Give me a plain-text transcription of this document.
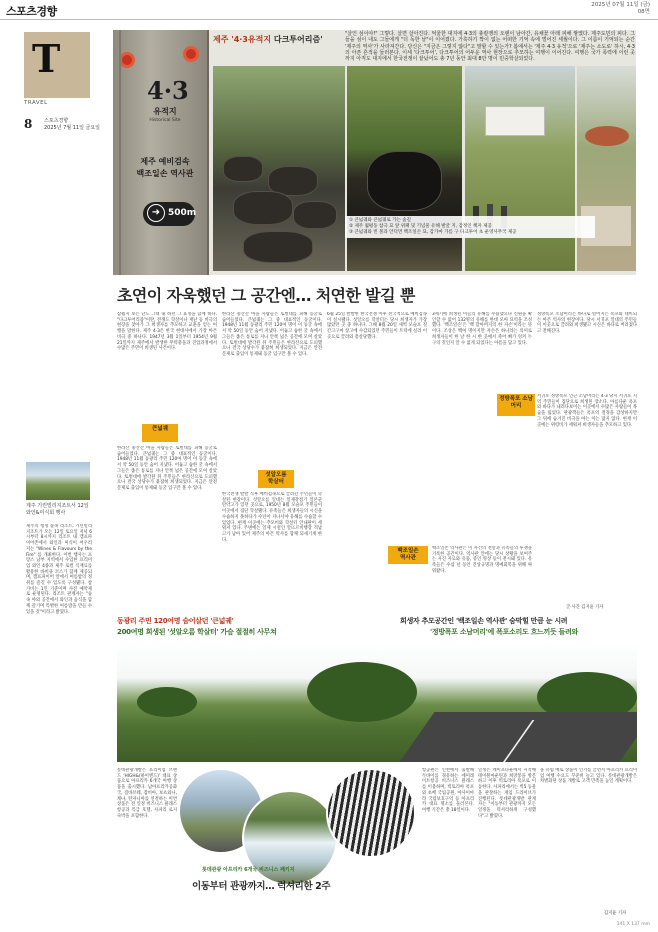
스포츠경향	2025년 07월 11일 (금)
08면
T
TRAVEL
8 스포츠경향
2025년 7월 11일 금요일
4·3
유적지
Historical Site
제주 예비검속
백조일손 역사관
➜ 500m
제주 '4·3유적지 다크투어리즘'
"살인 섬이야!" 그렇다. 살면 살아진다. 억울한 대지에 4·3의 총칼쟁의 오랜이 남아간, 유채꽃 아래 피해 쌓였다. 제주도민의 피다. 그들을 섬이 내도 그들에게 "더 독한 날"이 이어졌다. 가혹하기 짝이 없는 어떠한 기억 속에 벌어진 세월이다. 그 이름이 기억되는 순간 '제주의 역사'가 사라져간다. 당신은 "지금은 그렇지 않다"고 말할 수 있는가? 봄에서는 '제주 4·3 유적'으로 '제주는 소도로' 하시, 4·3의 아픈 흔적을 둘러본다. 이세 '다크투어', 다크투어의 어두운 역사 현장으로 추모하는 여행이 이어진다. 여행은 국가 폭력에 이런 곳까지 아직도 대지에서 한국전쟁이 끝났어도 총 7년 동안 최대 8만 명이 민중학살되었다.
① 큰넓궤와 큰넓궤로 가는 숲길
② 제주 월평동 참극 묘 앞 위패 및 기념물 유해 발굴 지, 감정인 책자 제공
③ 큰넓궤와 빈 볼과 안덕면 백조일손 묘, 감가마 가름 구 다크투어 초 운영사무국 제공
초연이 자욱했던 그 공간엔… 처연한 발길 뿐
제주 기린빌리지조트서 12일 와인&미식회 행사
제주의 청정 숲속 리조트, 기린빌리지조트가 오는 12일 토요일 저녁 6시부터 8시까지 리조트 내 캠프파이어존에서 와인과 미식이 어우러지는 "Wines & Flavours by the Fire" 를 개최한다. 이번 행사는 프랑스 남부 지역에서 수입한 프리미엄 와인 4종과 제주 로컬 식재료를 활용한 바비큐 코스가 함께 제공되며, 캠프파이어 앞에서 여름밤의 정취를 즐길 수 있도록 구성됐다. 참가비는 1인 기준이며 사전 예약제로 운영된다. 리조트 관계자는 "숲속 야외 공간에서 와인과 음식을 함께 즐기며 특별한 여름밤을 만들 수 있을 것"이라고 밝혔다.
잠월지 보는 난도 그대 내 하던 그 표정을 함께 하다. "다크투어리즘"이란, 전쟁도 학살이나 재난 등 비극의 현장을 찾아가 그 희생자를 추모하고 교훈을 얻는 여행을 말한다. 제주 4·3은 한국 현대사에서 가장 아픈 비극 중 하나다. 1947년 3월 1일부터 1954년 9월 21일까지 제주에서 발생한 무력충돌과 진압과정에서 수많은 주민이 희생된 사건이다.
큰넓궤
한라산 중산간 마을 사람들은 토벌대를 피해 동굴로 숨어들었다. 큰넓궤는 그 중 대표적인 동굴이다. 1948년 11월 동광리 주민 120여 명이 이 동굴 속에서 약 50일 동안 숨어 지냈다. 어둡고 습한 굴 속에서 그들은 좁은 통로를 지나 안쪽 넓은 공간에 모여 살았다. 토벌대에 발각된 뒤 주민들은 한라산으로 도피했으나 결국 상당수가 붙잡혀 희생되었다. 지금은 안전 문제로 출입이 통제돼 동굴 입구만 볼 수 있다.
한라산 중산간 마을 사람들은 토벌대를 피해 동굴로 숨어들었다. 큰넓궤는 그 중 대표적인 동굴이다. 1948년 11월 동광리 주민 120여 명이 이 동굴 속에서 약 50일 동안 숨어 지냈다. 어둡고 습한 굴 속에서 그들은 좁은 통로를 지나 안쪽 넓은 공간에 모여 살았다. 토벌대에 발각된 뒤 주민들은 한라산으로 도피했으나 결국 상당수가 붙잡혀 희생되었다. 지금은 안전 문제로 출입이 통제돼 동굴 입구만 볼 수 있다.
섯알오름
학살터
한국전쟁 발발 직후 예비검속으로 끌려간 주민들이 학살된 현장이다. 섯알오름 일대는 일제강점기 일본군 탄약고가 있던 곳으로, 1950년 8월 모슬포 주민들이 이곳에서 집단 학살됐다. 유족들은 희생자들의 시신을 수습하지 못하다가 수년이 지나서야 유해를 수습할 수 있었다. 현재 이곳에는 추모비와 학살터 안내판이 세워져 있다. 주변에는 일제 시설인 알뜨르비행장 격납고가 남아 있어 제주의 아픈 역사를 함께 되새기게 한다.
6월 25일 발발한 한국전쟁 이후 전국적으로 예비검속이 실시됐다. 섯알오름 학살터는 당시 희생자가 가장 많았던 곳 중 하나다. 그해 8월 20일 새벽 모슬포 절간고구마 창고에 수감되었던 주민들이 트럭에 실려 이곳으로 끌려와 총살당했다.
3세기에 희생된 이들의 유해를 수습했으나 신원을 확인할 수 없어 132명의 유해를 한데 모아 묘역을 조성했다. '백조일손'은 '백 할아버지의 한 자손'이라는 뜻이다. 조상은 백여 명이지만 자손은 하나라는 의미로 희생자들이 한 날 한 시 한 곳에서 죽어 뼈가 엉켜 누구의 것인지 알 수 없게 되었다는 아픔을 담고 있다.
백조일손
역사관
백조일손 역사관은 이 사건의 전말과 유족들의 투쟁을 기록한 공간이다. 역사관 안에는 당시 상황을 보여주는 사진 자료와 유품, 증언 영상 등이 전시돼 있다. 유족들은 수십 년 동안 진상규명과 명예회복을 위해 싸워왔다.
정방폭포 소남머리는 바다로 떨어지는 폭포와 대비되는 아픈 역사의 현장이다. 당시 서귀포 일대의 주민들이 이곳으로 끌려와 희생됐고 시신은 바다로 버려졌다고 전해진다.
정방폭포 소남머리
서귀포 정방폭포 인근 소남머리는 4·3 당시 서귀포 지역 주민들이 집단으로 희생된 장소다. 아름다운 폭포와 바다가 내려다보이는 이곳에서 수많은 사람들이 목숨을 잃었다. 관광객들은 폭포의 절경을 감상하지만 그 뒤에 숨겨진 비극을 아는 이는 많지 않다. 현재 이곳에는 위령비가 세워져 희생자들을 추모하고 있다.
글·사진 김지윤 기자
동광리 주민 120여명 숨어살던 '큰넓궤'
200여명 희생된 '섯알오름 학살터' 가슴 절절히 사무쳐
희생자 추모공간인 '백조일손 역사관' 숨막힐 만큼 눈 시려
'정방폭포 소남머리'에 폭포소리도 흐느끼듯 들려와
롯데관광개발은 프리미엄 브랜드 'HIGH&(하이엔드)' 대표 상품으로 아프리카 6개국 여행 상품을 출시했다. 남아프리카공화국, 짐바브웨, 잠비아, 보츠와나, 케냐, 탄자니아를 연결하는 이번 상품은 전 일정 비즈니스 클래스 항공과 특급 호텔, 사파리 로지 숙박을 포함한다.
롯데관광 아프리카 6개국 비즈니스 패키지
이동부터 관광까지… 럭셔리한 2주
항공편은 인천에서 출발해 두바이를 경유하는 에미레이트항공 비즈니스 클래스를 이용하며, 빅토리아 폭포와 초베 국립공원, 마사이마라 국립보호구역 등 아프리카 대표 명소를 둘러본다. 여행 기간은 총 18일이다.
일정은 케이프타운에서 시작해 테이블마운틴과 희망봉을 방문하고 이후 빅토리아 폭포로 이동한다. 사파리에서는 빅5 동물을 관찰하는 게임 드라이브가 진행된다. 롯데관광개발 관계자는 "이동부터 관광까지 모든 일정을 럭셔리하게 구성했다"고 밝혔다.
올 유럽 배로 상품이 인기를 끌면서 아프리카 프리미엄 여행 수요도 꾸준히 늘고 있다. 롯데관광개발은 차별화된 상품 개발로 고객 만족을 높일 계획이다.
김지윤 기자
141 X 137 mm
